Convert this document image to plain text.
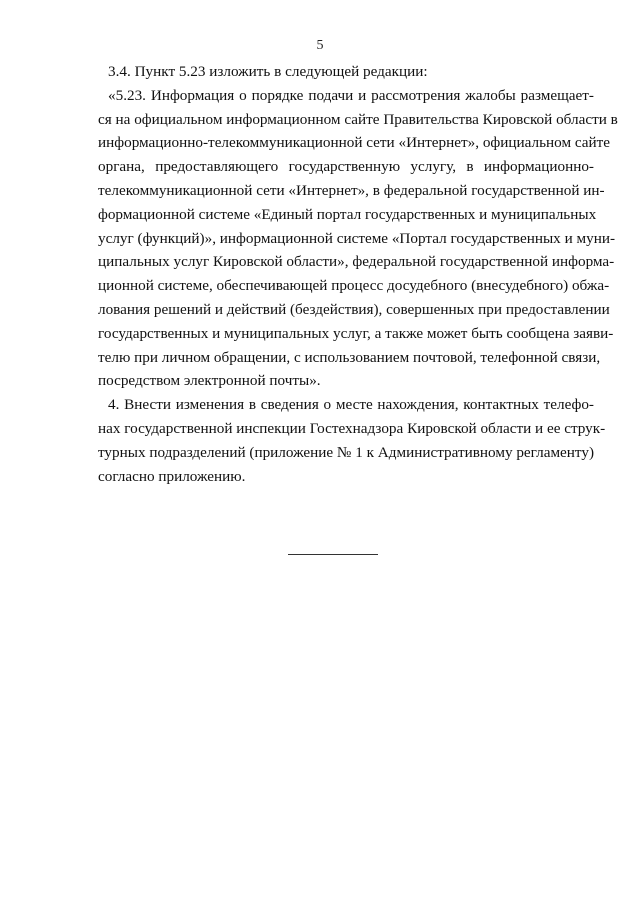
5

3.4. Пункт 5.23 изложить в следующей редакции:

«5.23. Информация о порядке подачи и рассмотрения жалобы размещает-
ся на официальном информационном сайте Правительства Кировской области в
информационно-телекоммуникационной сети «Интернет», официальном сайте
органа, предоставляющего государственную услугу, в информационно-
телекоммуникационной сети «Интернет», в федеральной государственной ин-
формационной системе «Единый портал государственных и муниципальных
услуг (функций)», информационной системе «Портал государственных и муни-
ципальных услуг Кировской области», федеральной государственной информа-
ционной системе, обеспечивающей процесс досудебного (внесудебного) обжа-
лования решений и действий (бездействия), совершенных при предоставлении
государственных и муниципальных услуг, а также может быть сообщена заяви-
телю при личном обращении, с использованием почтовой, телефонной связи,
посредством электронной почты».

4. Внести изменения в сведения о месте нахождения, контактных телефо-
нах государственной инспекции Гостехнадзора Кировской области и ее струк-
турных подразделений (приложение № 1 к Административному регламенту)
согласно приложению.
